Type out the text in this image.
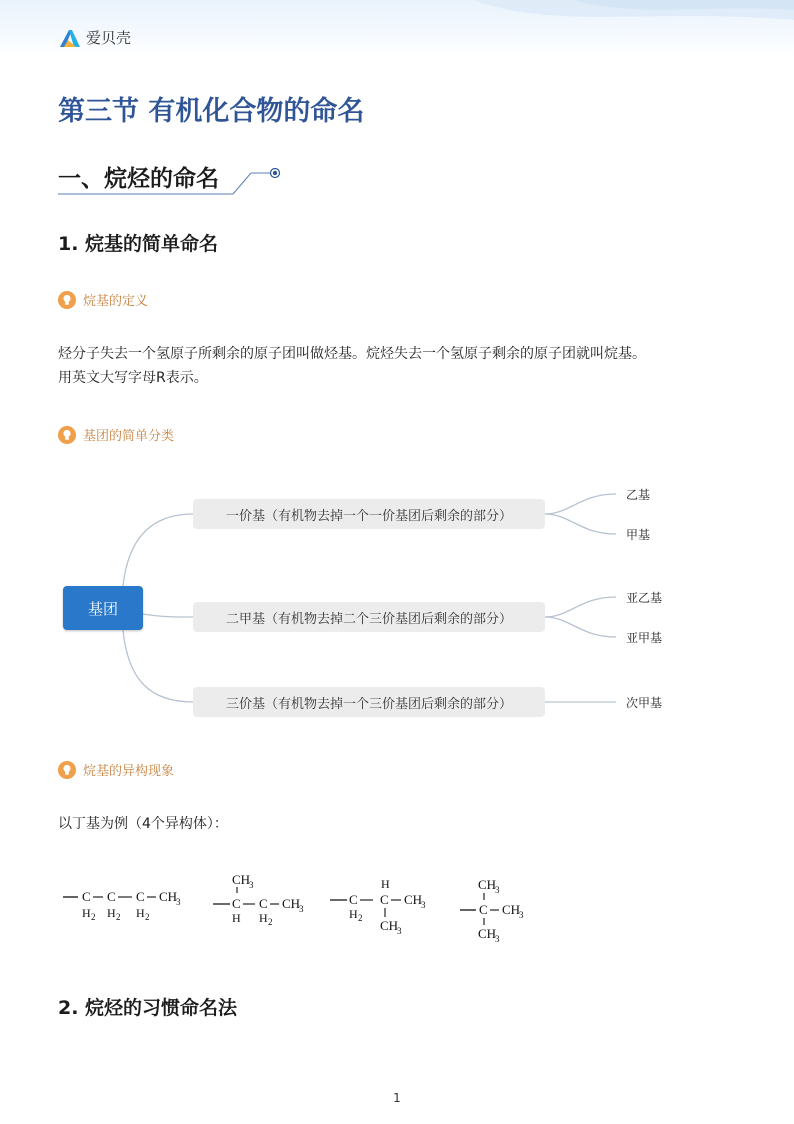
爱贝壳
第三节 有机化合物的命名
一、烷烃的命名
1. 烷基的简单命名
烷基的定义
烃分子失去一个氢原子所剩余的原子团叫做烃基。烷烃失去一个氢原子剩余的原子团就叫烷基。
用英文大写字母R表示。
基团的简单分类
基团
一价基（有机物去掉一个一价基团后剩余的部分）
二甲基（有机物去掉二个三价基团后剩余的部分）
三价基（有机物去掉一个三价基团后剩余的部分）
乙基
甲基
亚乙基
亚甲基
次甲基
烷基的异构现象
以丁基为例（4个异构体）：
C C C CH
3
H 2 H 2 H 2
CH
3
C C CH
3
H H 2
H
C C CH
3
H 2 CH
3
CH
3
C CH
3
CH
3
2. 烷烃的习惯命名法
1
